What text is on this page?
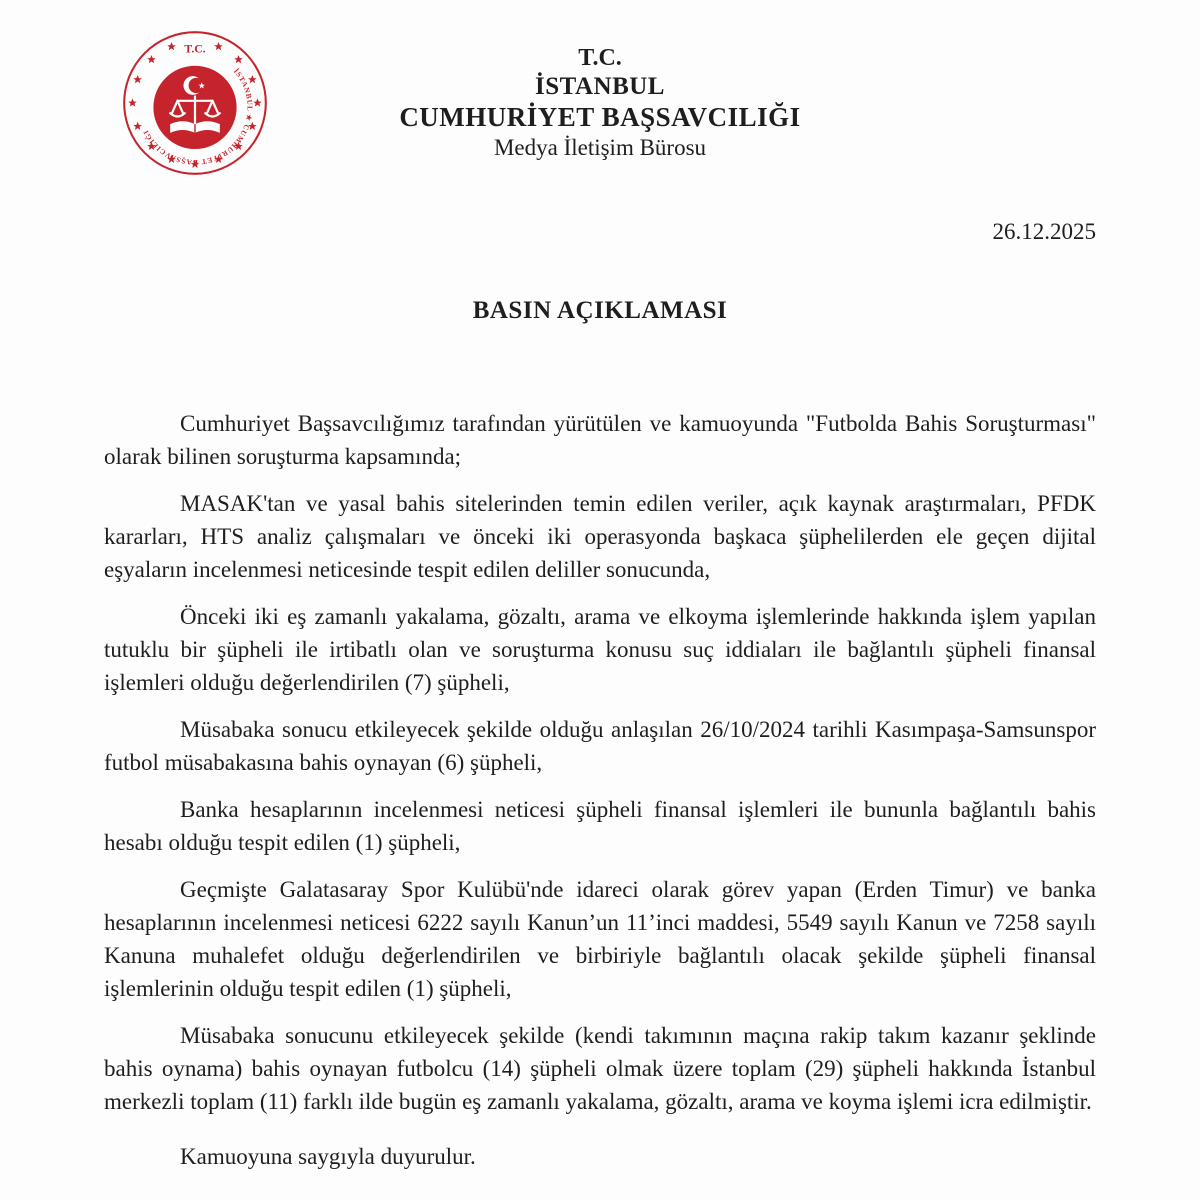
T.C.
İSTANBUL ★ CUMHURİYET BAŞSAVCILIĞI
T.C.
İSTANBUL
CUMHURİYET BAŞSAVCILIĞI
Medya İletişim Bürosu
26.12.2025
BASIN AÇIKLAMASI

Cumhuriyet Başsavcılığımız tarafından yürütülen ve kamuoyunda "Futbolda Bahis Soruşturması" olarak bilinen soruşturma kapsamında;

MASAK'tan ve yasal bahis sitelerinden temin edilen veriler, açık kaynak araştırmaları, PFDK kararları, HTS analiz çalışmaları ve önceki iki operasyonda başkaca şüphelilerden ele geçen dijital eşyaların incelenmesi neticesinde tespit edilen deliller sonucunda,

Önceki iki eş zamanlı yakalama, gözaltı, arama ve elkoyma işlemlerinde hakkında işlem yapılan tutuklu bir şüpheli ile irtibatlı olan ve soruşturma konusu suç iddiaları ile bağlantılı şüpheli finansal işlemleri olduğu değerlendirilen (7) şüpheli,

Müsabaka sonucu etkileyecek şekilde olduğu anlaşılan 26/10/2024 tarihli Kasımpaşa-Samsunspor futbol müsabakasına bahis oynayan (6) şüpheli,

Banka hesaplarının incelenmesi neticesi şüpheli finansal işlemleri ile bununla bağlantılı bahis hesabı olduğu tespit edilen (1) şüpheli,

Geçmişte Galatasaray Spor Kulübü'nde idareci olarak görev yapan (Erden Timur) ve banka hesaplarının incelenmesi neticesi 6222 sayılı Kanun’un 11’inci maddesi, 5549 sayılı Kanun ve 7258 sayılı Kanuna muhalefet olduğu değerlendirilen ve birbiriyle bağlantılı olacak şekilde şüpheli finansal işlemlerinin olduğu tespit edilen (1) şüpheli,

Müsabaka sonucunu etkileyecek şekilde (kendi takımının maçına rakip takım kazanır şeklinde bahis oynama) bahis oynayan futbolcu (14) şüpheli olmak üzere toplam (29) şüpheli hakkında İstanbul merkezli toplam (11) farklı ilde bugün eş zamanlı yakalama, gözaltı, arama ve koyma işlemi icra edilmiştir.

Kamuoyuna saygıyla duyurulur.
